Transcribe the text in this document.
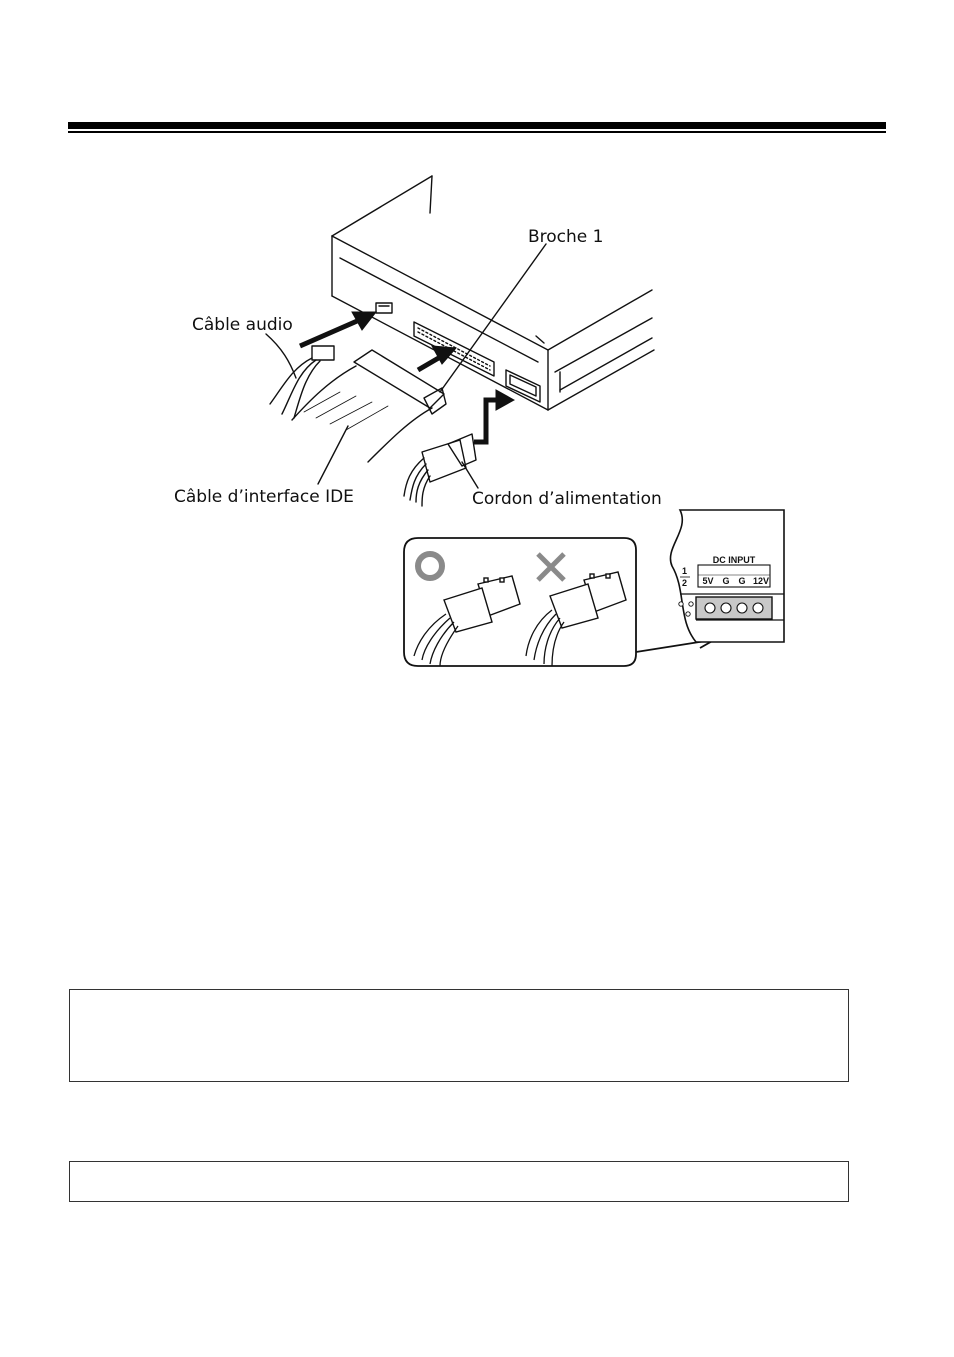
Broche 1
Câble audio
Câble d’interface IDE	Cordon d’alimentation
DC INPUT
1
2 5V G G 12V
